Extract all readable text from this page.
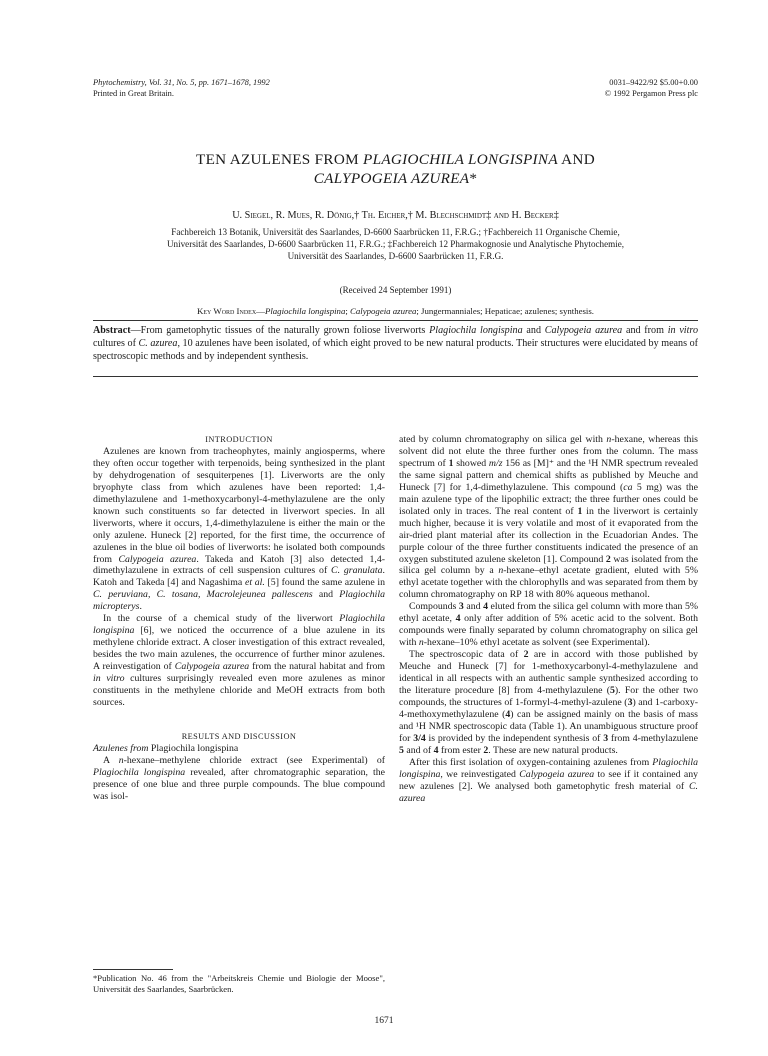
Phytochemistry, Vol. 31, No. 5, pp. 1671–1678, 1992
Printed in Great Britain.
0031–9422/92 $5.00+0.00
© 1992 Pergamon Press plc
TEN AZULENES FROM PLAGIOCHILA LONGISPINA AND
CALYPOGEIA AZUREA*
U. Siegel, R. Mues, R. Dönig,† Th. Eicher,† M. Blechschmidt‡ and H. Becker‡
Fachbereich 13 Botanik, Universität des Saarlandes, D-6600 Saarbrücken 11, F.R.G.; †Fachbereich 11 Organische Chemie,
Universität des Saarlandes, D-6600 Saarbrücken 11, F.R.G.; ‡Fachbereich 12 Pharmakognosie und Analytische Phytochemie,
Universität des Saarlandes, D-6600 Saarbrücken 11, F.R.G.
(Received 24 September 1991)
Key Word Index—Plagiochila longispina; Calypogeia azurea; Jungermanniales; Hepaticae; azulenes; synthesis.
Abstract—From gametophytic tissues of the naturally grown foliose liverworts Plagiochila longispina and Calypogeia azurea and from in vitro cultures of C. azurea, 10 azulenes have been isolated, of which eight proved to be new natural products. Their structures were elucidated by means of spectroscopic methods and by independent synthesis.

INTRODUCTION

Azulenes are known from tracheophytes, mainly angiosperms, where they often occur together with terpenoids, being synthesized in the plant by dehydrogenation of sesquiterpenes [1]. Liverworts are the only bryophyte class from which azulenes have been reported: 1,4-dimethylazulene and 1-methoxycarbonyl-4-methylazulene are the only known such constituents so far detected in liverwort species. In all liverworts, where it occurs, 1,4-dimethylazulene is either the main or the only azulene. Huneck [2] reported, for the first time, the occurrence of azulenes in the blue oil bodies of liverworts: he isolated both compounds from Calypogeia azurea. Takeda and Katoh [3] also detected 1,4-dimethylazulene in extracts of cell suspension cultures of C. granulata. Katoh and Takeda [4] and Nagashima et al. [5] found the same azulene in C. peruviana, C. tosana, Macrolejeunea pallescens and Plagiochila micropterys.

In the course of a chemical study of the liverwort Plagiochila longispina [6], we noticed the occurrence of a blue azulene in its methylene chloride extract. A closer investigation of this extract revealed, besides the two main azulenes, the occurrence of further minor azulenes. A reinvestigation of Calypogeia azurea from the natural habitat and from in vitro cultures surprisingly revealed even more azulenes as minor constituents in the methylene chloride and MeOH extracts from both sources.

RESULTS AND DISCUSSION

Azulenes from Plagiochila longispina

A n-hexane–methylene chloride extract (see Experimental) of Plagiochila longispina revealed, after chromatographic separation, the presence of one blue and three purple compounds. The blue compound was isol-

*Publication No. 46 from the "Arbeitskreis Chemie und Biologie der Moose", Universität des Saarlandes, Saarbrücken.

ated by column chromatography on silica gel with n-hexane, whereas this solvent did not elute the three further ones from the column. The mass spectrum of 1 showed m/z 156 as [M]⁺ and the ¹H NMR spectrum revealed the same signal pattern and chemical shifts as published by Meuche and Huneck [7] for 1,4-dimethylazulene. This compound (ca 5 mg) was the main azulene type of the lipophilic extract; the three further ones could be isolated only in traces. The real content of 1 in the liverwort is certainly much higher, because it is very volatile and most of it evaporated from the air-dried plant material after its collection in the Ecuadorian Andes. The purple colour of the three further constituents indicated the presence of an oxygen substituted azulene skeleton [1]. Compound 2 was isolated from the silica gel column by a n-hexane–ethyl acetate gradient, eluted with 5% ethyl acetate together with the chlorophylls and was separated from them by column chromatography on RP 18 with 80% aqueous methanol.

Compounds 3 and 4 eluted from the silica gel column with more than 5% ethyl acetate, 4 only after addition of 5% acetic acid to the solvent. Both compounds were finally separated by column chromatography on silica gel with n-hexane–10% ethyl acetate as solvent (see Experimental).

The spectroscopic data of 2 are in accord with those published by Meuche and Huneck [7] for 1-methoxycarbonyl-4-methylazulene and identical in all respects with an authentic sample synthesized according to the literature procedure [8] from 4-methylazulene (5). For the other two compounds, the structures of 1-formyl-4-methyl-azulene (3) and 1-carboxy-4-methoxymethylazulene (4) can be assigned mainly on the basis of mass and ¹H NMR spectroscopic data (Table 1). An unambiguous structure proof for 3/4 is provided by the independent synthesis of 3 from 4-methylazulene 5 and of 4 from ester 2. These are new natural products.

After this first isolation of oxygen-containing azulenes from Plagiochila longispina, we reinvestigated Calypogeia azurea to see if it contained any new azulenes [2]. We analysed both gametophytic fresh material of C. azurea

1671
